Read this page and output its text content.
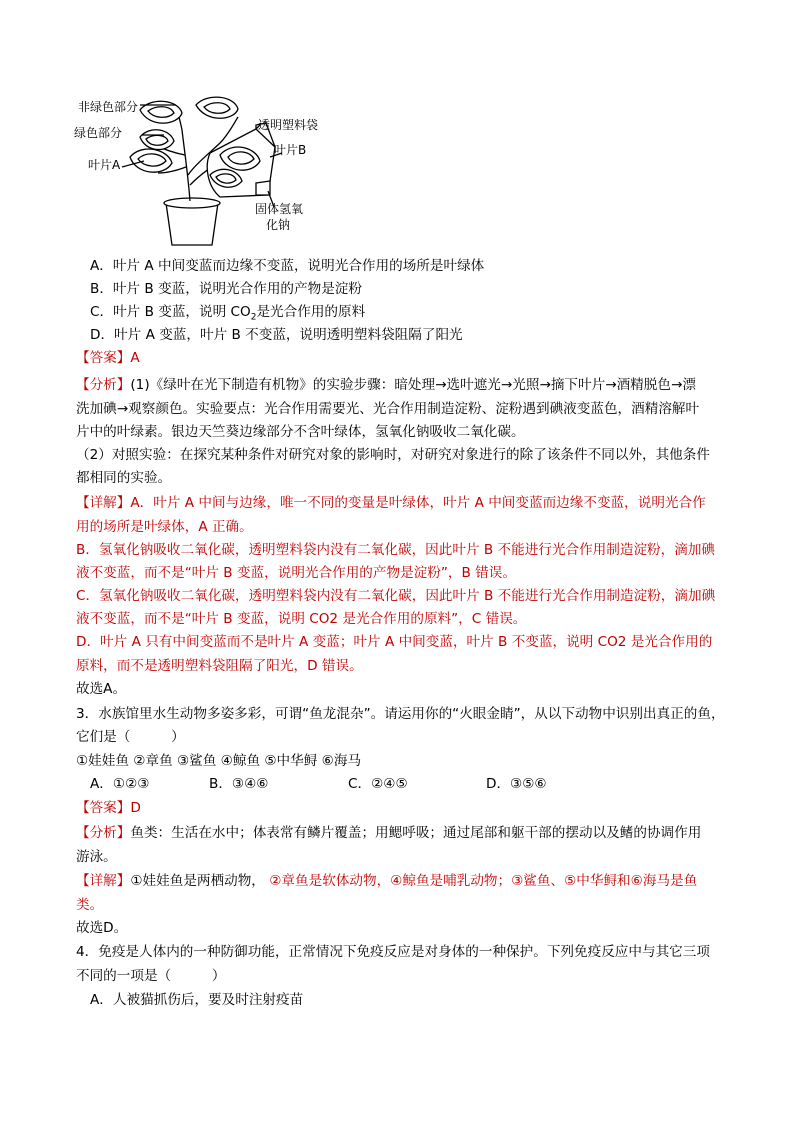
非绿色部分
绿色部分
叶片A
透明塑料袋
叶片B
固体氢氧
化钠
A．叶片 A 中间变蓝而边缘不变蓝，说明光合作用的场所是叶绿体
B．叶片 B 变蓝，说明光合作用的产物是淀粉
C．叶片 B 变蓝，说明 $CO_2$是光合作用的原料
D．叶片 A 变蓝，叶片 B 不变蓝，说明透明塑料袋阻隔了阳光
【答案】A
【分析】(1)《绿叶在光下制造有机物》的实验步骤：暗处理→选叶遮光→光照→摘下叶片→酒精脱色→漂
洗加碘→观察颜色。实验要点：光合作用需要光、光合作用制造淀粉、淀粉遇到碘液变蓝色，酒精溶解叶
片中的叶绿素。银边天竺葵边缘部分不含叶绿体，氢氧化钠吸收二氧化碳。
（2）对照实验：在探究某种条件对研究对象的影响时，对研究对象进行的除了该条件不同以外，其他条件
都相同的实验。
【详解】A．叶片 A 中间与边缘，唯一不同的变量是叶绿体，叶片 A 中间变蓝而边缘不变蓝，说明光合作
用的场所是叶绿体，A 正确。
B．氢氧化钠吸收二氧化碳，透明塑料袋内没有二氧化碳，因此叶片 B 不能进行光合作用制造淀粉，滴加碘
液不变蓝，而不是“叶片 B 变蓝，说明光合作用的产物是淀粉”，B 错误。
C．氢氧化钠吸收二氧化碳，透明塑料袋内没有二氧化碳，因此叶片 B 不能进行光合作用制造淀粉，滴加碘
液不变蓝，而不是“叶片 B 变蓝，说明 CO2 是光合作用的原料”，C 错误。
D．叶片 A 只有中间变蓝而不是叶片 A 变蓝；叶片 A 中间变蓝，叶片 B 不变蓝，说明 CO2 是光合作用的
原料，而不是透明塑料袋阻隔了阳光，D 错误。
故选A。
3．水族馆里水生动物多姿多彩，可谓“鱼龙混杂”。请运用你的“火眼金睛”，从以下动物中识别出真正的鱼，
它们是（　　　）
①娃娃鱼 ②章鱼 ③鲨鱼 ④鲸鱼 ⑤中华鲟 ⑥海马
A．①②③	B．③④⑥	C．②④⑤	D．③⑤⑥
【答案】D
【分析】鱼类：生活在水中；体表常有鳞片覆盖；用鳃呼吸；通过尾部和躯干部的摆动以及鳍的协调作用
游泳。
【详解】①娃娃鱼是两栖动物， ②章鱼是软体动物，④鲸鱼是哺乳动物；③鲨鱼、⑤中华鲟和⑥海马是鱼
类。
故选D。
4．免疫是人体内的一种防御功能，正常情况下免疫反应是对身体的一种保护。下列免疫反应中与其它三项
不同的一项是（　　　）
A．人被猫抓伤后，要及时注射疫苗
